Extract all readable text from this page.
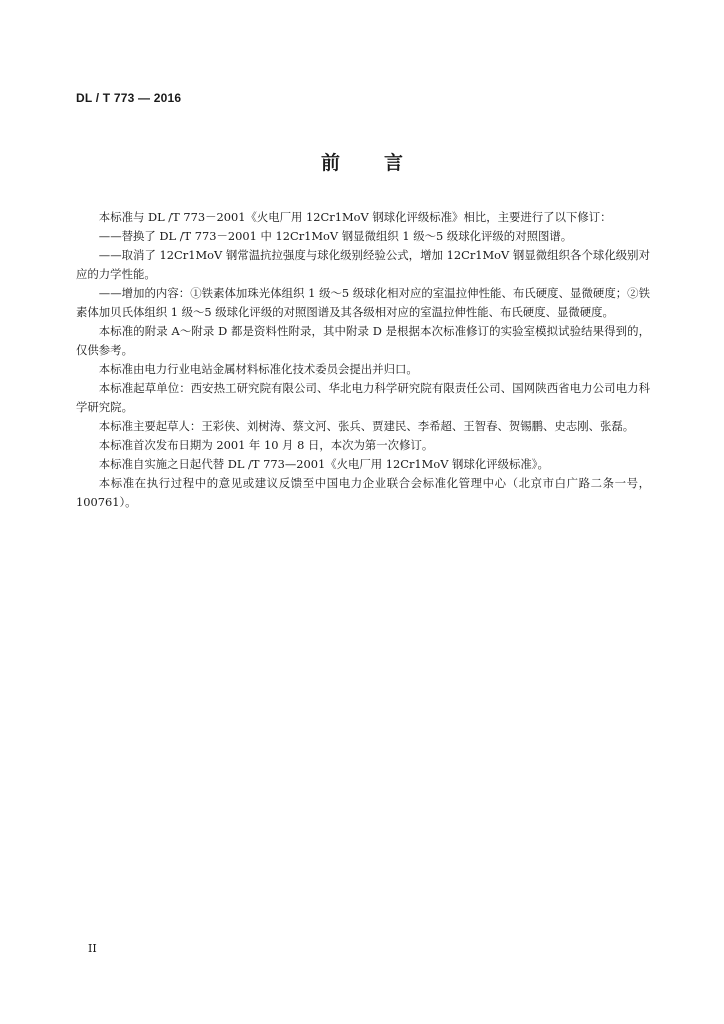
DL / T 773 — 2016
前言

本标准与 DL /T 773－2001《火电厂用 12Cr1MoV 钢球化评级标准》相比，主要进行了以下修订：

——替换了 DL /T 773－2001 中 12Cr1MoV 钢显微组织 1 级～5 级球化评级的对照图谱。

——取消了 12Cr1MoV 钢常温抗拉强度与球化级别经验公式，增加 12Cr1MoV 钢显微组织各个球化级别对应的力学性能。

——增加的内容：①铁素体加珠光体组织 1 级～5 级球化相对应的室温拉伸性能、布氏硬度、显微硬度；②铁素体加贝氏体组织 1 级～5 级球化评级的对照图谱及其各级相对应的室温拉伸性能、布氏硬度、显微硬度。

本标准的附录 A～附录 D 都是资料性附录，其中附录 D 是根据本次标准修订的实验室模拟试验结果得到的，仅供参考。

本标准由电力行业电站金属材料标准化技术委员会提出并归口。

本标准起草单位：西安热工研究院有限公司、华北电力科学研究院有限责任公司、国网陕西省电力公司电力科学研究院。

本标准主要起草人：王彩侠、刘树涛、蔡文河、张兵、贾建民、李希超、王智春、贺锡鹏、史志刚、张磊。

本标准首次发布日期为 2001 年 10 月 8 日，本次为第一次修订。

本标准自实施之日起代替 DL /T 773—2001《火电厂用 12Cr1MoV 钢球化评级标准》。

本标准在执行过程中的意见或建议反馈至中国电力企业联合会标准化管理中心（北京市白广路二条一号，100761）。

II
